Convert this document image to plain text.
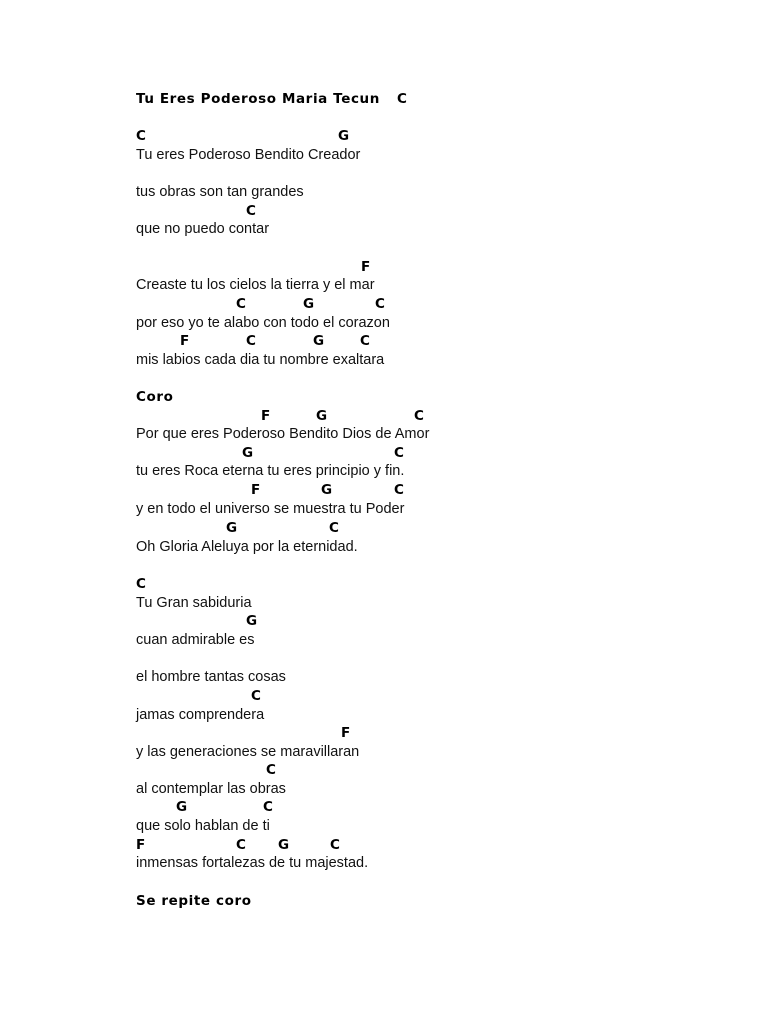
Tu Eres Poderoso Maria Tecun C
C	G
Tu eres Poderoso Bendito Creador
tus obras son tan grandes
C
que no puedo contar
F
Creaste tu los cielos la tierra y el mar
C	G	C
por eso yo te alabo con todo el corazon
F	C	G	C
mis labios cada dia tu nombre exaltara
Coro
F	G	C
Por que eres Poderoso Bendito Dios de Amor
G	C
tu eres Roca eterna tu eres principio y fin.
F	G	C
y en todo el universo se muestra tu Poder
G	C
Oh Gloria Aleluya por la eternidad.
C
Tu Gran sabiduria
G
cuan admirable es
el hombre tantas cosas
C
jamas comprendera
F
y las generaciones se maravillaran
C
al contemplar las obras
G	C
que solo hablan de ti
F	C G	C
inmensas fortalezas de tu majestad.
Se repite coro
